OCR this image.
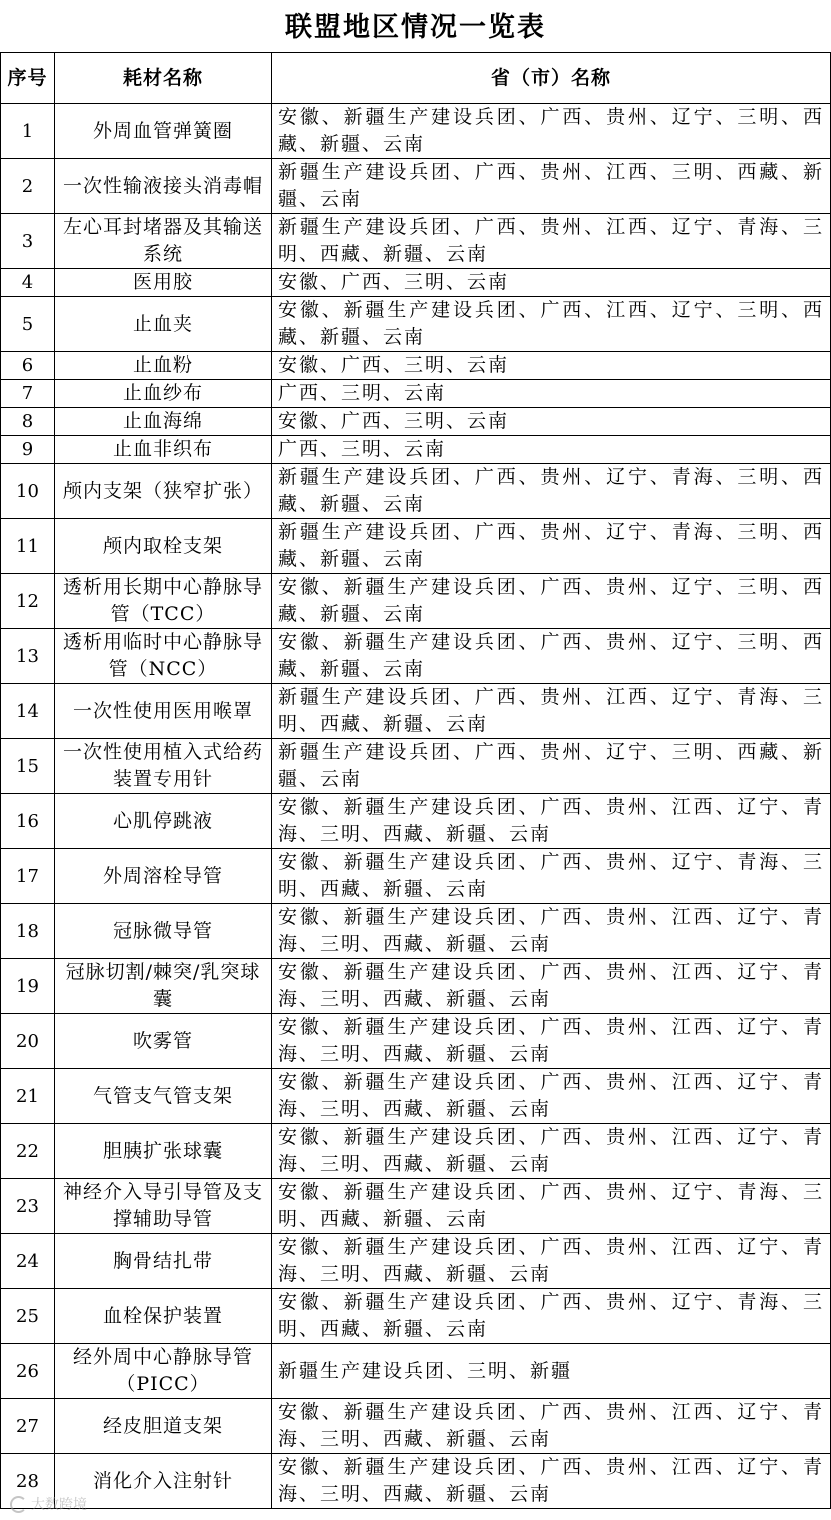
联盟地区情况一览表
序号	耗材名称	省（市）名称
1	外周血管弹簧圈	安徽、新疆生产建设兵团、广西、贵州、辽宁、三明、西藏、新疆、云南
2	一次性输液接头消毒帽	新疆生产建设兵团、广西、贵州、江西、三明、西藏、新疆、云南
3	左心耳封堵器及其输送系统	新疆生产建设兵团、广西、贵州、江西、辽宁、青海、三明、西藏、新疆、云南
4	医用胶	安徽、广西、三明、云南
5	止血夹	安徽、新疆生产建设兵团、广西、江西、辽宁、三明、西藏、新疆、云南
6	止血粉	安徽、广西、三明、云南
7	止血纱布	广西、三明、云南
8	止血海绵	安徽、广西、三明、云南
9	止血非织布	广西、三明、云南
10	颅内支架（狭窄扩张）	新疆生产建设兵团、广西、贵州、辽宁、青海、三明、西藏、新疆、云南
11	颅内取栓支架	新疆生产建设兵团、广西、贵州、辽宁、青海、三明、西藏、新疆、云南
12	透析用长期中心静脉导管（TCC）	安徽、新疆生产建设兵团、广西、贵州、辽宁、三明、西藏、新疆、云南
13	透析用临时中心静脉导管（NCC）	安徽、新疆生产建设兵团、广西、贵州、辽宁、三明、西藏、新疆、云南
14	一次性使用医用喉罩	新疆生产建设兵团、广西、贵州、江西、辽宁、青海、三明、西藏、新疆、云南
15	一次性使用植入式给药装置专用针	新疆生产建设兵团、广西、贵州、辽宁、三明、西藏、新疆、云南
16	心肌停跳液	安徽、新疆生产建设兵团、广西、贵州、江西、辽宁、青海、三明、西藏、新疆、云南
17	外周溶栓导管	安徽、新疆生产建设兵团、广西、贵州、辽宁、青海、三明、西藏、新疆、云南
18	冠脉微导管	安徽、新疆生产建设兵团、广西、贵州、江西、辽宁、青海、三明、西藏、新疆、云南
19	冠脉切割/棘突/乳突球囊	安徽、新疆生产建设兵团、广西、贵州、江西、辽宁、青海、三明、西藏、新疆、云南
20	吹雾管	安徽、新疆生产建设兵团、广西、贵州、江西、辽宁、青海、三明、西藏、新疆、云南
21	气管支气管支架	安徽、新疆生产建设兵团、广西、贵州、江西、辽宁、青海、三明、西藏、新疆、云南
22	胆胰扩张球囊	安徽、新疆生产建设兵团、广西、贵州、江西、辽宁、青海、三明、西藏、新疆、云南
23	神经介入导引导管及支撑辅助导管	安徽、新疆生产建设兵团、广西、贵州、辽宁、青海、三明、西藏、新疆、云南
24	胸骨结扎带	安徽、新疆生产建设兵团、广西、贵州、江西、辽宁、青海、三明、西藏、新疆、云南
25	血栓保护装置	安徽、新疆生产建设兵团、广西、贵州、辽宁、青海、三明、西藏、新疆、云南
26	经外周中心静脉导管（PICC）	新疆生产建设兵团、三明、新疆
27	经皮胆道支架	安徽、新疆生产建设兵团、广西、贵州、江西、辽宁、青海、三明、西藏、新疆、云南
28	消化介入注射针	安徽、新疆生产建设兵团、广西、贵州、江西、辽宁、青海、三明、西藏、新疆、云南
大数跨境
